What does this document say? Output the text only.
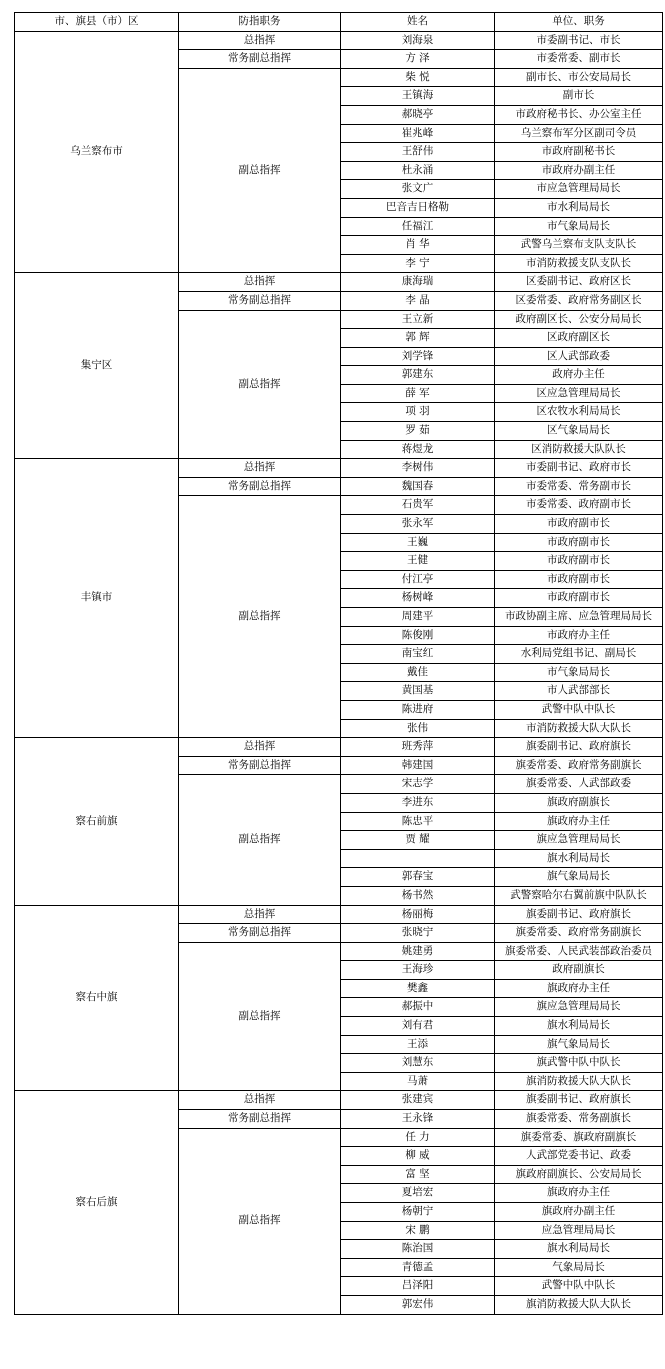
市、旗县（市）区	防指职务	姓名	单位、职务
乌兰察布市	总指挥	刘海泉	市委副书记、市长
	常务副总指挥	方 泽	市委常委、副市长
	副总指挥	柴 悦	副市长、市公安局局长
		王镇海	副市长
		郝晓亭	市政府秘书长、办公室主任
		崔兆峰	乌兰察布军分区副司令员
		王舒伟	市政府副秘书长
		杜永涌	市政府办副主任
		张文广	市应急管理局局长
		巴音吉日格勒	市水利局局长
		任福江	市气象局局长
		肖 华	武警乌兰察布支队支队长
		李 宁	市消防救援支队支队长
集宁区	总指挥	康海瑞	区委副书记、政府区长
	常务副总指挥	李 晶	区委常委、政府常务副区长
	副总指挥	王立新	政府副区长、公安分局局长
		郭 辉	区政府副区长
		刘学锋	区人武部政委
		郭建东	政府办主任
		薛 军	区应急管理局局长
		项 羽	区农牧水利局局长
		罗 茹	区气象局局长
		蒋煜龙	区消防救援大队队长
丰镇市	总指挥	李树伟	市委副书记、政府市长
	常务副总指挥	魏国春	市委常委、常务副市长
	副总指挥	石贵军	市委常委、政府副市长
		张永军	市政府副市长
		王巍	市政府副市长
		王健	市政府副市长
		付江亭	市政府副市长
		杨树峰	市政府副市长
		周建平	市政协副主席、应急管理局局长
		陈俊刚	市政府办主任
		南宝红	水利局党组书记、副局长
		戴佳	市气象局局长
		黄国基	市人武部部长
		陈进府	武警中队中队长
		张伟	市消防救援大队大队长
察右前旗	总指挥	班秀萍	旗委副书记、政府旗长
	常务副总指挥	韩建国	旗委常委、政府常务副旗长
	副总指挥	宋志学	旗委常委、人武部政委
		李进东	旗政府副旗长
		陈忠平	旗政府办主任
		贾 耀	旗应急管理局局长
			旗水利局局长
		郭春宝	旗气象局局长
		杨书然	武警察哈尔右翼前旗中队队长
察右中旗	总指挥	杨丽梅	旗委副书记、政府旗长
	常务副总指挥	张晓宁	旗委常委、政府常务副旗长
	副总指挥	姚建勇	旗委常委、人民武装部政治委员
		王海珍	政府副旗长
		樊鑫	旗政府办主任
		郝振中	旗应急管理局局长
		刘有君	旗水利局局长
		王添	旗气象局局长
		刘慧东	旗武警中队中队长
		马萧	旗消防救援大队大队长
察右后旗	总指挥	张建宾	旗委副书记、政府旗长
	常务副总指挥	王永锋	旗委常委、常务副旗长
	副总指挥	任 力	旗委常委、旗政府副旗长
		柳 威	人武部党委书记、政委
		富 坚	旗政府副旗长、公安局局长
		夏培宏	旗政府办主任
		杨朝宁	旗政府办副主任
		宋 鹏	应急管理局局长
		陈治国	旗水利局局长
		青德孟	气象局局长
		吕泽阳	武警中队中队长
		郭宏伟	旗消防救援大队大队长
